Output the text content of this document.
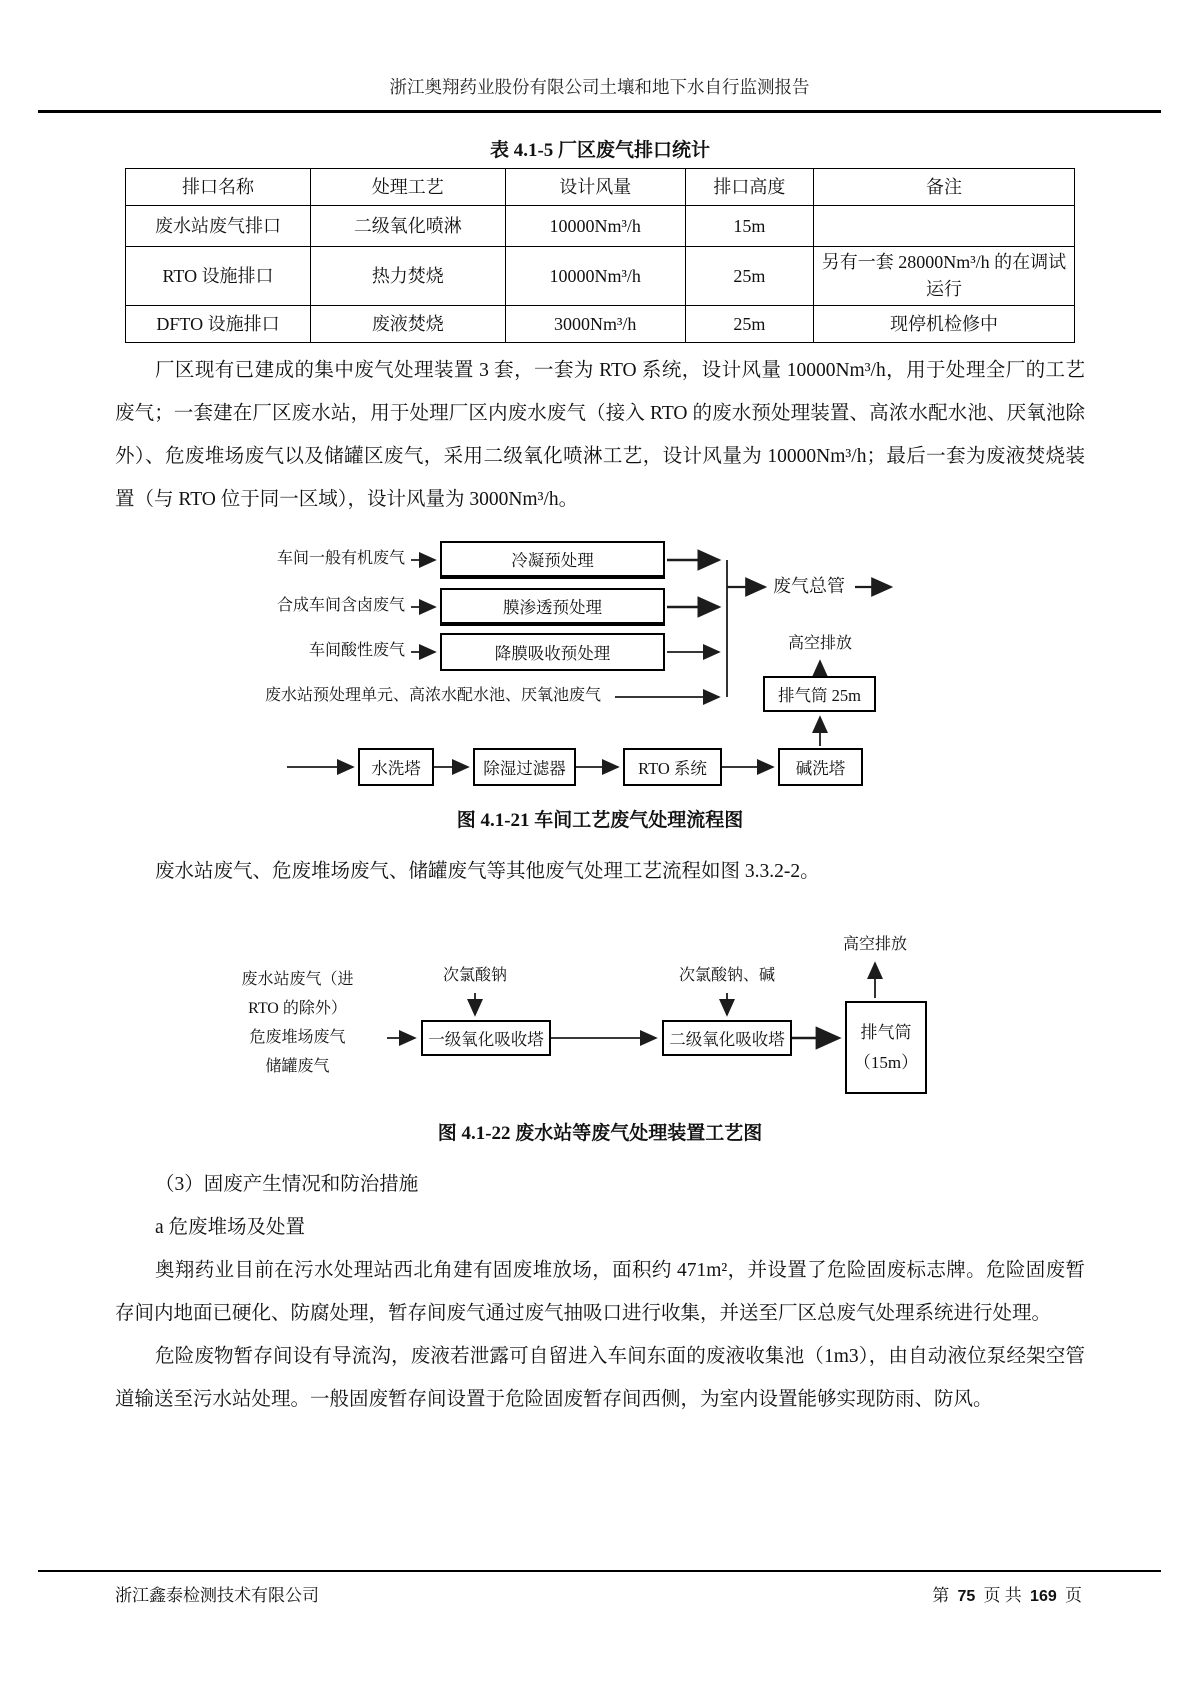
浙江奥翔药业股份有限公司土壤和地下水自行监测报告
表 4.1-5 厂区废气排口统计
排口名称	处理工艺	设计风量	排口高度	备注
废水站废气排口	二级氧化喷淋	10000Nm³/h	15m	
RTO 设施排口	热力焚烧	10000Nm³/h	25m	另有一套 28000Nm³/h 的在调试运行
DFTO 设施排口	废液焚烧	3000Nm³/h	25m	现停机检修中

厂区现有已建成的集中废气处理装置 3 套，一套为 RTO 系统，设计风量 10000Nm³/h，用于处理全厂的工艺废气；一套建在厂区废水站，用于处理厂区内废水废气（接入 RTO 的废水预处理装置、高浓水配水池、厌氧池除外）、危废堆场废气以及储罐区废气，采用二级氧化喷淋工艺，设计风量为 10000Nm³/h；最后一套为废液焚烧装置（与 RTO 位于同一区域），设计风量为 3000Nm³/h。

车间一般有机废气
合成车间含卤废气
车间酸性废气
废水站预处理单元、高浓水配水池、厌氧池废气
冷凝预处理
膜渗透预处理
降膜吸收预处理
废气总管
高空排放
排气筒 25m
水洗塔	除湿过滤器	RTO 系统	碱洗塔
图 4.1-21 车间工艺废气处理流程图

废水站废气、危废堆场废气、储罐废气等其他废气处理工艺流程如图 3.3.2-2。

废水站废气（进
RTO 的除外）
危废堆场废气
储罐废气
次氯酸钠	次氯酸钠、碱
一级氧化吸收塔	二级氧化吸收塔	排气筒
（15m）
高空排放
图 4.1-22 废水站等废气处理装置工艺图

（3）固废产生情况和防治措施

a 危废堆场及处置

奥翔药业目前在污水处理站西北角建有固废堆放场，面积约 471m²，并设置了危险固废标志牌。危险固废暂存间内地面已硬化、防腐处理，暂存间废气通过废气抽吸口进行收集，并送至厂区总废气处理系统进行处理。

危险废物暂存间设有导流沟，废液若泄露可自留进入车间东面的废液收集池（1m3），由自动液位泵经架空管道输送至污水站处理。一般固废暂存间设置于危险固废暂存间西侧，为室内设置能够实现防雨、防风。

浙江鑫泰检测技术有限公司	第 75 页 共 169 页
